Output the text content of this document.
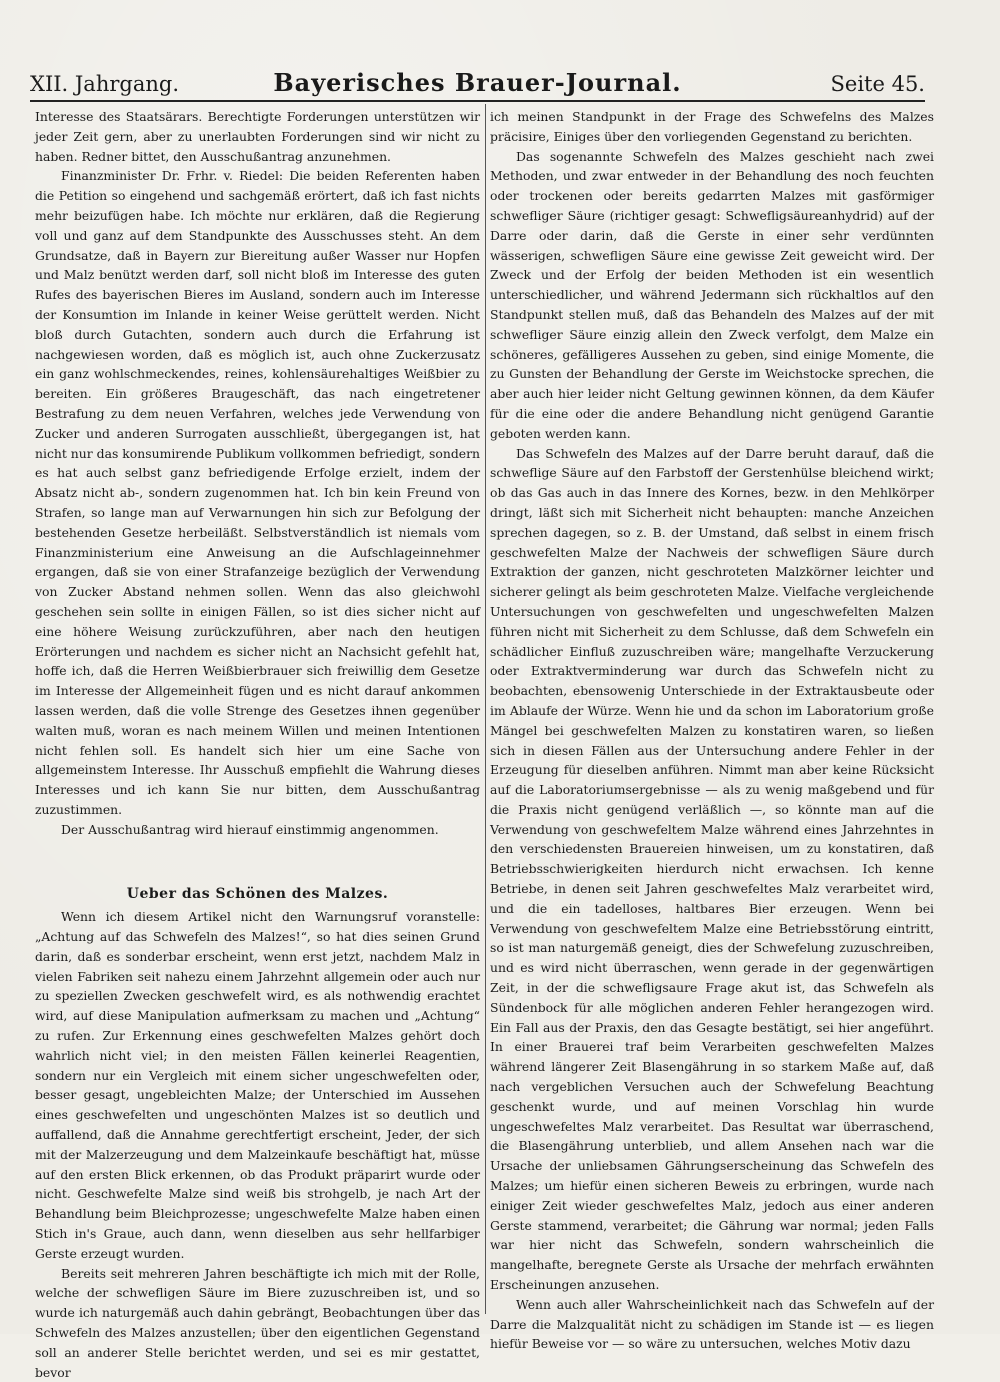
XII. Jahrgang.	Bayerisches Brauer-Journal.	Seite 45.

Interesse des Staatsärars. Berechtigte Forderungen unterstützen wir jeder Zeit gern, aber zu unerlaubten Forderungen sind wir nicht zu haben. Redner bittet, den Ausschußantrag anzunehmen.

Finanzminister Dr. Frhr. v. Riedel: Die beiden Referenten haben die Petition so eingehend und sachgemäß erörtert, daß ich fast nichts mehr beizufügen habe. Ich möchte nur erklären, daß die Regierung voll und ganz auf dem Standpunkte des Ausschusses steht. An dem Grundsatze, daß in Bayern zur Biereitung außer Wasser nur Hopfen und Malz benützt werden darf, soll nicht bloß im Interesse des guten Rufes des bayerischen Bieres im Ausland, sondern auch im Interesse der Konsumtion im Inlande in keiner Weise gerüttelt werden. Nicht bloß durch Gutachten, sondern auch durch die Erfahrung ist nachgewiesen worden, daß es möglich ist, auch ohne Zuckerzusatz ein ganz wohlschmeckendes, reines, kohlensäurehaltiges Weißbier zu bereiten. Ein größeres Braugeschäft, das nach eingetretener Bestrafung zu dem neuen Verfahren, welches jede Verwendung von Zucker und anderen Surrogaten ausschließt, übergegangen ist, hat nicht nur das konsumirende Publikum vollkommen befriedigt, sondern es hat auch selbst ganz befriedigende Erfolge erzielt, indem der Absatz nicht ab-, sondern zugenommen hat. Ich bin kein Freund von Strafen, so lange man auf Verwarnungen hin sich zur Befolgung der bestehenden Gesetze herbeiläßt. Selbstverständlich ist niemals vom Finanzministerium eine Anweisung an die Aufschlageinnehmer ergangen, daß sie von einer Strafanzeige bezüglich der Verwendung von Zucker Abstand nehmen sollen. Wenn das also gleichwohl geschehen sein sollte in einigen Fällen, so ist dies sicher nicht auf eine höhere Weisung zurückzuführen, aber nach den heutigen Erörterungen und nachdem es sicher nicht an Nachsicht gefehlt hat, hoffe ich, daß die Herren Weißbierbrauer sich freiwillig dem Gesetze im Interesse der Allgemeinheit fügen und es nicht darauf ankommen lassen werden, daß die volle Strenge des Gesetzes ihnen gegenüber walten muß, woran es nach meinem Willen und meinen Intentionen nicht fehlen soll. Es handelt sich hier um eine Sache von allgemeinstem Interesse. Ihr Ausschuß empfiehlt die Wahrung dieses Interesses und ich kann Sie nur bitten, dem Ausschußantrag zuzustimmen.

Der Ausschußantrag wird hierauf einstimmig angenommen.

Ueber das Schönen des Malzes.

Wenn ich diesem Artikel nicht den Warnungsruf voranstelle: „Achtung auf das Schwefeln des Malzes!“, so hat dies seinen Grund darin, daß es sonderbar erscheint, wenn erst jetzt, nachdem Malz in vielen Fabriken seit nahezu einem Jahrzehnt allgemein oder auch nur zu speziellen Zwecken geschwefelt wird, es als nothwendig erachtet wird, auf diese Manipulation aufmerksam zu machen und „Achtung“ zu rufen. Zur Erkennung eines geschwefelten Malzes gehört doch wahrlich nicht viel; in den meisten Fällen keinerlei Reagentien, sondern nur ein Vergleich mit einem sicher ungeschwefelten oder, besser gesagt, ungebleichten Malze; der Unterschied im Aussehen eines geschwefelten und ungeschönten Malzes ist so deutlich und auffallend, daß die Annahme gerechtfertigt erscheint, Jeder, der sich mit der Malzerzeugung und dem Malzeinkaufe beschäftigt hat, müsse auf den ersten Blick erkennen, ob das Produkt präparirt wurde oder nicht. Geschwefelte Malze sind weiß bis strohgelb, je nach Art der Behandlung beim Bleichprozesse; ungeschwefelte Malze haben einen Stich in's Graue, auch dann, wenn dieselben aus sehr hellfarbiger Gerste erzeugt wurden.

Bereits seit mehreren Jahren beschäftigte ich mich mit der Rolle, welche der schwefligen Säure im Biere zuzuschreiben ist, und so wurde ich naturgemäß auch dahin gebrängt, Beobachtungen über das Schwefeln des Malzes anzustellen; über den eigentlichen Gegenstand soll an anderer Stelle berichtet werden, und sei es mir gestattet, bevor

ich meinen Standpunkt in der Frage des Schwefelns des Malzes präcisire, Einiges über den vorliegenden Gegenstand zu berichten.

Das sogenannte Schwefeln des Malzes geschieht nach zwei Methoden, und zwar entweder in der Behandlung des noch feuchten oder trockenen oder bereits gedarrten Malzes mit gasförmiger schwefliger Säure (richtiger gesagt: Schwefligsäureanhydrid) auf der Darre oder darin, daß die Gerste in einer sehr verdünnten wässerigen, schwefligen Säure eine gewisse Zeit geweicht wird. Der Zweck und der Erfolg der beiden Methoden ist ein wesentlich unterschiedlicher, und während Jedermann sich rückhaltlos auf den Standpunkt stellen muß, daß das Behandeln des Malzes auf der mit schwefliger Säure einzig allein den Zweck verfolgt, dem Malze ein schöneres, gefälligeres Aussehen zu geben, sind einige Momente, die zu Gunsten der Behandlung der Gerste im Weichstocke sprechen, die aber auch hier leider nicht Geltung gewinnen können, da dem Käufer für die eine oder die andere Behandlung nicht genügend Garantie geboten werden kann.

Das Schwefeln des Malzes auf der Darre beruht darauf, daß die schweflige Säure auf den Farbstoff der Gerstenhülse bleichend wirkt; ob das Gas auch in das Innere des Kornes, bezw. in den Mehlkörper dringt, läßt sich mit Sicherheit nicht behaupten: manche Anzeichen sprechen dagegen, so z. B. der Umstand, daß selbst in einem frisch geschwefelten Malze der Nachweis der schwefligen Säure durch Extraktion der ganzen, nicht geschroteten Malzkörner leichter und sicherer gelingt als beim geschroteten Malze. Vielfache vergleichende Untersuchungen von geschwefelten und ungeschwefelten Malzen führen nicht mit Sicherheit zu dem Schlusse, daß dem Schwefeln ein schädlicher Einfluß zuzuschreiben wäre; mangelhafte Verzuckerung oder Extraktverminderung war durch das Schwefeln nicht zu beobachten, ebensowenig Unterschiede in der Extraktausbeute oder im Ablaufe der Würze. Wenn hie und da schon im Laboratorium große Mängel bei geschwefelten Malzen zu konstatiren waren, so ließen sich in diesen Fällen aus der Untersuchung andere Fehler in der Erzeugung für dieselben anführen. Nimmt man aber keine Rücksicht auf die Laboratoriumsergebnisse — als zu wenig maßgebend und für die Praxis nicht genügend verläßlich —, so könnte man auf die Verwendung von geschwefeltem Malze während eines Jahrzehntes in den verschiedensten Brauereien hinweisen, um zu konstatiren, daß Betriebsschwierigkeiten hierdurch nicht erwachsen. Ich kenne Betriebe, in denen seit Jahren geschwefeltes Malz verarbeitet wird, und die ein tadelloses, haltbares Bier erzeugen. Wenn bei Verwendung von geschwefeltem Malze eine Betriebsstörung eintritt, so ist man naturgemäß geneigt, dies der Schwefelung zuzuschreiben, und es wird nicht überraschen, wenn gerade in der gegenwärtigen Zeit, in der die schwefligsaure Frage akut ist, das Schwefeln als Sündenbock für alle möglichen anderen Fehler herangezogen wird. Ein Fall aus der Praxis, den das Gesagte bestätigt, sei hier angeführt. In einer Brauerei traf beim Verarbeiten geschwefelten Malzes während längerer Zeit Blasengährung in so starkem Maße auf, daß nach vergeblichen Versuchen auch der Schwefelung Beachtung geschenkt wurde, und auf meinen Vorschlag hin wurde ungeschwefeltes Malz verarbeitet. Das Resultat war überraschend, die Blasengährung unterblieb, und allem Ansehen nach war die Ursache der unliebsamen Gährungserscheinung das Schwefeln des Malzes; um hiefür einen sicheren Beweis zu erbringen, wurde nach einiger Zeit wieder geschwefeltes Malz, jedoch aus einer anderen Gerste stammend, verarbeitet; die Gährung war normal; jeden Falls war hier nicht das Schwefeln, sondern wahrscheinlich die mangelhafte, beregnete Gerste als Ursache der mehrfach erwähnten Erscheinungen anzusehen.

Wenn auch aller Wahrscheinlichkeit nach das Schwefeln auf der Darre die Malzqualität nicht zu schädigen im Stande ist — es liegen hiefür Beweise vor — so wäre zu untersuchen, welches Motiv dazu
